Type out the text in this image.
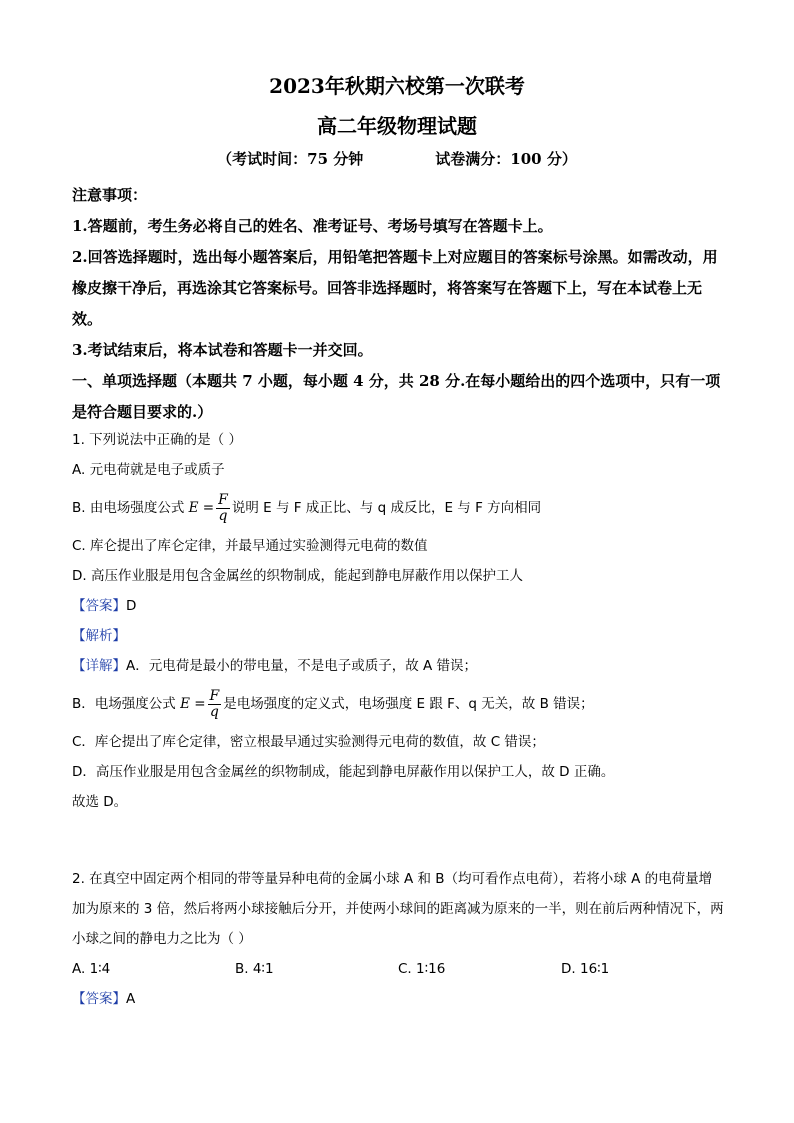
2023年秋期六校第一次联考
高二年级物理试题
（考试时间：75 分钟	试卷满分：100 分）

注意事项：

1.答题前，考生务必将自己的姓名、准考证号、考场号填写在答题卡上。

2.回答选择题时，选出每小题答案后，用铅笔把答题卡上对应题目的答案标号涂黑。如需改动，用橡皮擦干净后，再选涂其它答案标号。回答非选择题时，将答案写在答题下上，写在本试卷上无效。

3.考试结束后，将本试卷和答题卡一并交回。

一、单项选择题（本题共 7 小题，每小题 4 分，共 28 分.在每小题给出的四个选项中，只有一项是符合题目要求的.）

1. 下列说法中正确的是（ ）

A. 元电荷就是电子或质子

B. 由电场强度公式 $E = \frac{F}{q}$ 说明 E 与 F 成正比、与 q 成反比，E 与 F 方向相同

C. 库仑提出了库仑定律，并最早通过实验测得元电荷的数值

D. 高压作业服是用包含金属丝的织物制成，能起到静电屏蔽作用以保护工人

【答案】D

【解析】

【详解】A．元电荷是最小的带电量，不是电子或质子，故 A 错误；

B．电场强度公式 $E = \frac{F}{q}$ 是电场强度的定义式，电场强度 E 跟 F、q 无关，故 B 错误；

C．库仑提出了库仑定律，密立根最早通过实验测得元电荷的数值，故 C 错误；

D．高压作业服是用包含金属丝的织物制成，能起到静电屏蔽作用以保护工人，故 D 正确。

故选 D。

2. 在真空中固定两个相同的带等量异种电荷的金属小球 A 和 B（均可看作点电荷），若将小球 A 的电荷量增加为原来的 3 倍，然后将两小球接触后分开，并使两小球间的距离减为原来的一半，则在前后两种情况下，两小球之间的静电力之比为（ ）

A. 1∶4	B. 4∶1	C. 1∶16	D. 16∶1

【答案】A
